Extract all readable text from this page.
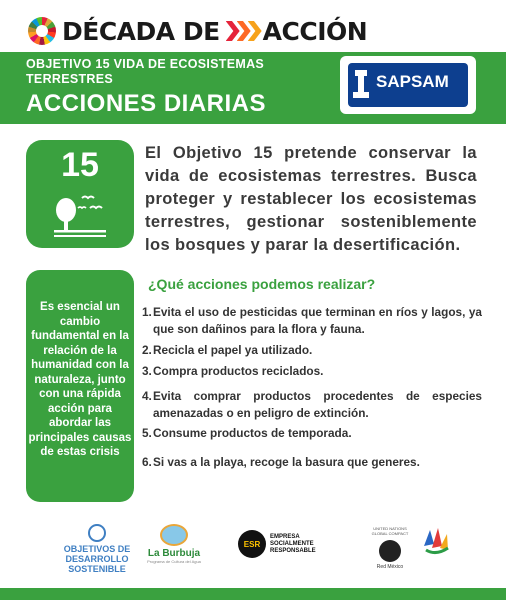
DÉCADA DE ACCIÓN
OBJETIVO 15 VIDA DE ECOSISTEMAS TERRESTRES
ACCIONES DIARIAS
SAPSAM
15	El Objetivo 15 pretende conservar la vida de ecosistemas terrestres. Busca proteger y restablecer los ecosistemas terrestres, gestionar sosteniblemente los bosques y parar la desertificación.
Es esencial un cambio fundamental en la relación de la humanidad con la naturaleza, junto con una rápida acción para abordar las principales causas de estas crisis
¿Qué acciones podemos realizar?
1. Evita el uso de pesticidas que terminan en ríos y lagos, ya que son dañinos para la flora y fauna.
2. Recicla el papel ya utilizado.
3. Compra productos reciclados.
4. Evita comprar productos procedentes de especies amenazadas o en peligro de extinción.
5. Consume productos de temporada.
6. Si vas a la playa, recoge la basura que generes.
OBJETIVOS DE DESARROLLO SOSTENIBLE
La Burbuja
Programa de Cultura del Agua
ESR
EMPRESA SOCIALMENTE RESPONSABLE
UNITED NATIONS GLOBAL COMPACT
Red México
